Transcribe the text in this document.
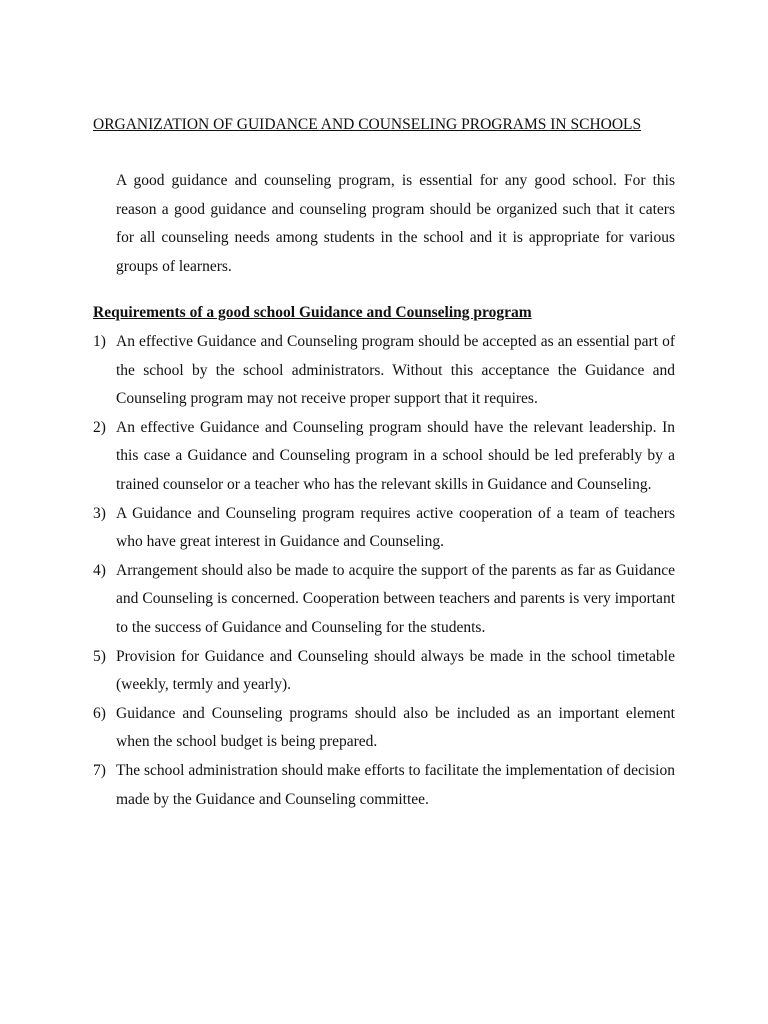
ORGANIZATION OF GUIDANCE AND COUNSELING PROGRAMS IN SCHOOLS

A good guidance and counseling program, is essential for any good school. For this reason a good guidance and counseling program should be organized such that it caters for all counseling needs among students in the school and it is appropriate for various groups of learners.

Requirements of a good school Guidance and Counseling program
1) An effective Guidance and Counseling program should be accepted as an essential part of the school by the school administrators. Without this acceptance the Guidance and Counseling program may not receive proper support that it requires.
2) An effective Guidance and Counseling program should have the relevant leadership. In this case a Guidance and Counseling program in a school should be led preferably by a trained counselor or a teacher who has the relevant skills in Guidance and Counseling.
3) A Guidance and Counseling program requires active cooperation of a team of teachers who have great interest in Guidance and Counseling.
4) Arrangement should also be made to acquire the support of the parents as far as Guidance and Counseling is concerned. Cooperation between teachers and parents is very important to the success of Guidance and Counseling for the students.
5) Provision for Guidance and Counseling should always be made in the school timetable (weekly, termly and yearly).
6) Guidance and Counseling programs should also be included as an important element when the school budget is being prepared.
7) The school administration should make efforts to facilitate the implementation of decision made by the Guidance and Counseling committee.
